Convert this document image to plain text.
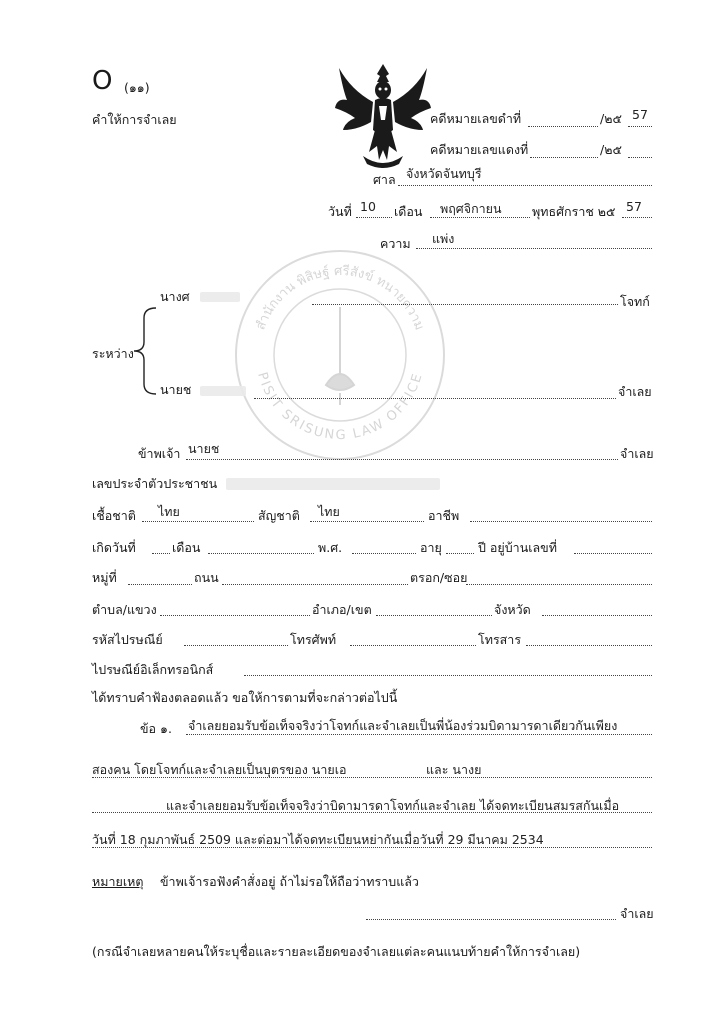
O (๑๑)
คำให้การจำเลย	คดีหมายเลขดำที่	/๒๕ 57
คดีหมายเลขแดงที่	/๒๕
ศาล จังหวัดจันทบุรี
วันที่ 10 เดือน พฤศจิกายน พุทธศักราช ๒๕ 57
ความ แพ่ง
สำนักงาน พิสิษฐ์ ศรีสังข์ ทนายความ
PISIT SRISUNG LAW OFFICE
นางศ	โจทก์
ระหว่าง
นายช	จำเลย
ข้าพเจ้า นายช	จำเลย
เลขประจำตัวประชาชน
เชื้อชาติ ไทย	สัญชาติ ไทย	อาชีพ
เกิดวันที่	เดือน	พ.ศ.	อายุ	ปี อยู่บ้านเลขที่
หมู่ที่	ถนน	ตรอก/ซอย
ตำบล/แขวง	อำเภอ/เขต	จังหวัด
รหัสไปรษณีย์	โทรศัพท์	โทรสาร
ไปรษณีย์อิเล็กทรอนิกส์
ได้ทราบคำฟ้องตลอดแล้ว ขอให้การตามที่จะกล่าวต่อไปนี้
ข้อ ๑. จำเลยยอมรับข้อเท็จจริงว่าโจทก์และจำเลยเป็นพี่น้องร่วมบิดามารดาเดียวกันเพียง
สองคน โดยโจทก์และจำเลยเป็นบุตรของ นายเอ	และ นางย
และจำเลยยอมรับข้อเท็จจริงว่าบิดามารดาโจทก์และจำเลย ได้จดทะเบียนสมรสกันเมื่อ
วันที่ 18 กุมภาพันธ์ 2509 และต่อมาได้จดทะเบียนหย่ากันเมื่อวันที่ 29 มีนาคม 2534
หมายเหตุ ข้าพเจ้ารอฟังคำสั่งอยู่ ถ้าไม่รอให้ถือว่าทราบแล้ว
จำเลย
(กรณีจำเลยหลายคนให้ระบุชื่อและรายละเอียดของจำเลยแต่ละคนแนบท้ายคำให้การจำเลย)
